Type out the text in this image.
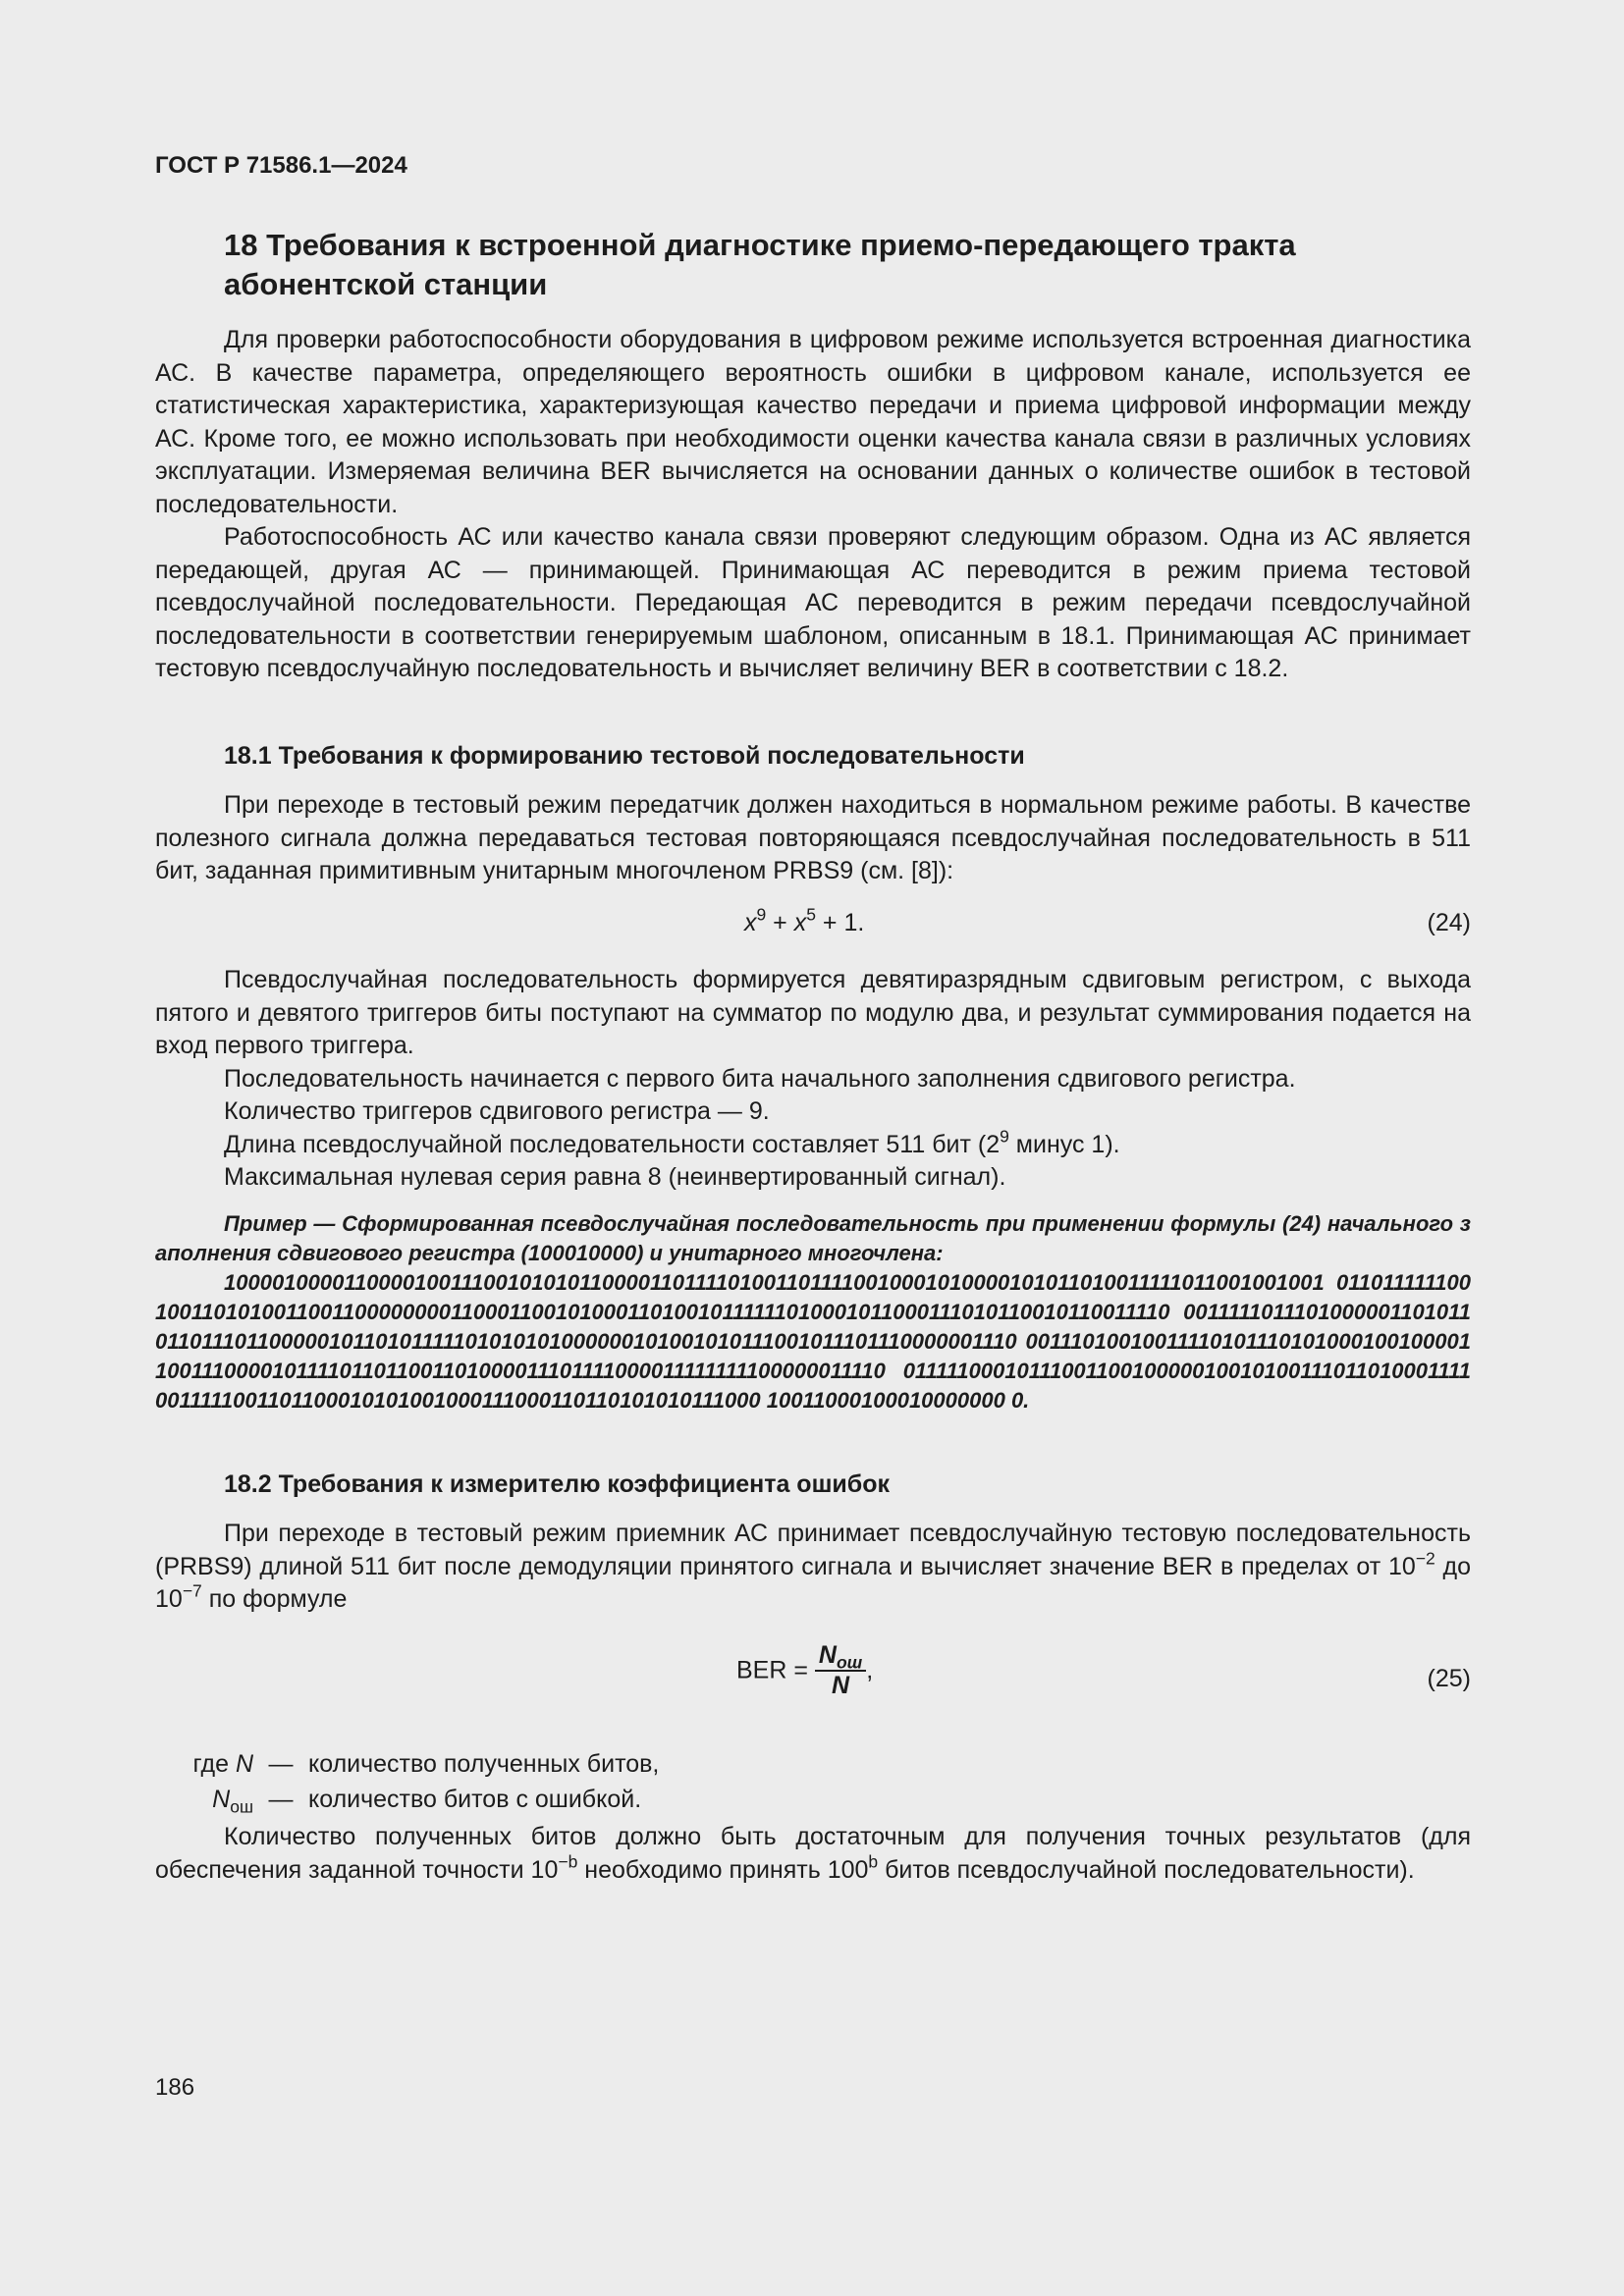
ГОСТ Р 71586.1—2024
18 Требования к встроенной диагностике приемо-передающего тракта абонентской станции

Для проверки работоспособности оборудования в цифровом режиме используется встроенная диагностика АС. В качестве параметра, определяющего вероятность ошибки в цифровом канале, используется ее статистическая характеристика, характеризующая качество передачи и приема цифровой информации между АС. Кроме того, ее можно использовать при необходимости оценки качества канала связи в различных условиях эксплуатации. Измеряемая величина BER вычисляется на основании данных о количестве ошибок в тестовой последовательности.

Работоспособность АС или качество канала связи проверяют следующим образом. Одна из АС является передающей, другая АС — принимающей. Принимающая АС переводится в режим приема тестовой псевдослучайной последовательности. Передающая АС переводится в режим передачи псевдослучайной последовательности в соответствии генерируемым шаблоном, описанным в 18.1. Принимающая АС принимает тестовую псевдослучайную последовательность и вычисляет величину BER в соответствии с 18.2.

18.1 Требования к формированию тестовой последовательности

При переходе в тестовый режим передатчик должен находиться в нормальном режиме работы. В качестве полезного сигнала должна передаваться тестовая повторяющаяся псевдослучайная последовательность в 511 бит, заданная примитивным унитарным многочленом PRBS9 (см. [8]):

$x^9 + x^5 + 1$.	(24)

Псевдослучайная последовательность формируется девятиразрядным сдвиговым регистром, с выхода пятого и девятого триггеров биты поступают на сумматор по модулю два, и результат суммирования подается на вход первого триггера.

Последовательность начинается с первого бита начального заполнения сдвигового регистра.

Количество триггеров сдвигового регистра — 9.

Длина псевдослучайной последовательности составляет 511 бит ($2^9$ минус 1).

Максимальная нулевая серия равна 8 (неинвертированный сигнал).

Пример — Сформированная псевдослучайная последовательность при применении формулы (24) начального заполнения сдвигового регистра (100010000) и унитарного многочлена:

1000010000110000100111001010101100001101111010011011110010001010000101011010011111011001001001 011011111100100110101001100110000000011000110010100011010010111111010001011000111010110010110011110 001111101110100000110101101101110110000010110101111101010101000000101001010111001011101110000001110 001110100100111101011101010001001000011001110000101111011011001101000011101111000011111111100000011110 01111100010111001100100000100101001110110100011110011111001101100010101001000111000110110101010111000 10011000100010000000 0.

18.2 Требования к измерителю коэффициента ошибок

При переходе в тестовый режим приемник АС принимает псевдослучайную тестовую последовательность (PRBS9) длиной 511 бит после демодуляции принятого сигнала и вычисляет значение BER в пределах от $10^{-2}$ до $10^{-7}$ по формуле

BER = $\frac{N_{ош}}{N}$ ,	(25)
где N — количество полученных битов,
$N_{ош}$ — количество битов с ошибкой.

Количество полученных битов должно быть достаточным для получения точных результатов (для обеспечения заданной точности $10^{-b}$ необходимо принять 100$^b$ битов псевдослучайной последовательности).

186
